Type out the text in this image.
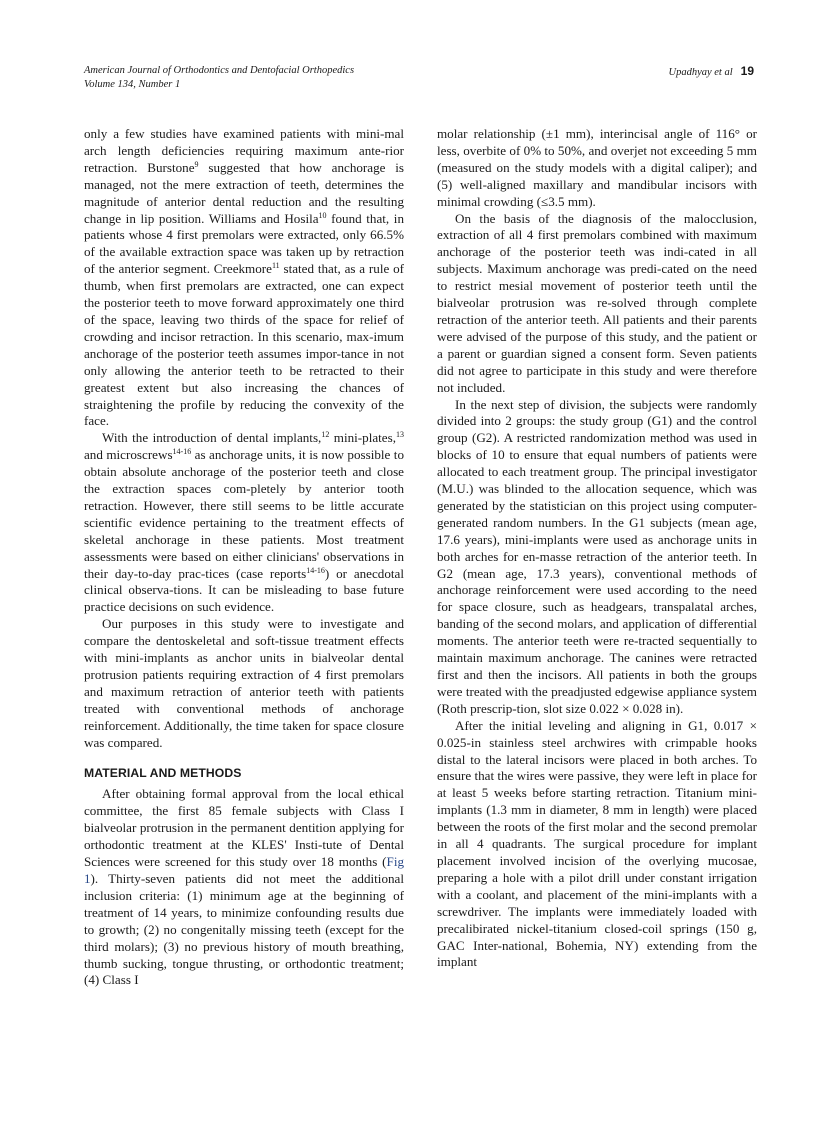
American Journal of Orthodontics and Dentofacial Orthopedics
Volume 134, Number 1
Upadhyay et al 19

only a few studies have examined patients with mini-mal arch length deficiencies requiring maximum ante-rior retraction. Burstone$^9$ suggested that how anchorage is managed, not the mere extraction of teeth, determines the magnitude of anterior dental reduction and the resulting change in lip position. Williams and Hosila$^{10}$ found that, in patients whose 4 first premolars were extracted, only 66.5% of the available extraction space was taken up by retraction of the anterior segment. Creekmore$^{11}$ stated that, as a rule of thumb, when first premolars are extracted, one can expect the posterior teeth to move forward approximately one third of the space, leaving two thirds of the space for relief of crowding and incisor retraction. In this scenario, max-imum anchorage of the posterior teeth assumes impor-tance in not only allowing the anterior teeth to be retracted to their greatest extent but also increasing the chances of straightening the profile by reducing the convexity of the face.

With the introduction of dental implants,$^{12}$ mini-plates,$^{13}$ and microscrews$^{14-16}$ as anchorage units, it is now possible to obtain absolute anchorage of the posterior teeth and close the extraction spaces com-pletely by anterior tooth retraction. However, there still seems to be little accurate scientific evidence pertaining to the treatment effects of skeletal anchorage in these patients. Most treatment assessments were based on either clinicians' observations in their day-to-day prac-tices (case reports$^{14-16}$) or anecdotal clinical observa-tions. It can be misleading to base future practice decisions on such evidence.

Our purposes in this study were to investigate and compare the dentoskeletal and soft-tissue treatment effects with mini-implants as anchor units in bialveolar dental protrusion patients requiring extraction of 4 first premolars and maximum retraction of anterior teeth with patients treated with conventional methods of anchorage reinforcement. Additionally, the time taken for space closure was compared.

MATERIAL AND METHODS

After obtaining formal approval from the local ethical committee, the first 85 female subjects with Class I bialveolar protrusion in the permanent dentition applying for orthodontic treatment at the KLES' Insti-tute of Dental Sciences were screened for this study over 18 months (Fig 1). Thirty-seven patients did not meet the additional inclusion criteria: (1) minimum age at the beginning of treatment of 14 years, to minimize confounding results due to growth; (2) no congenitally missing teeth (except for the third molars); (3) no previous history of mouth breathing, thumb sucking, tongue thrusting, or orthodontic treatment; (4) Class I

molar relationship (±1 mm), interincisal angle of 116° or less, overbite of 0% to 50%, and overjet not exceeding 5 mm (measured on the study models with a digital caliper); and (5) well-aligned maxillary and mandibular incisors with minimal crowding (≤3.5 mm).

On the basis of the diagnosis of the malocclusion, extraction of all 4 first premolars combined with maximum anchorage of the posterior teeth was indi-cated in all subjects. Maximum anchorage was predi-cated on the need to restrict mesial movement of posterior teeth until the bialveolar protrusion was re-solved through complete retraction of the anterior teeth. All patients and their parents were advised of the purpose of this study, and the patient or a parent or guardian signed a consent form. Seven patients did not agree to participate in this study and were therefore not included.

In the next step of division, the subjects were randomly divided into 2 groups: the study group (G1) and the control group (G2). A restricted randomization method was used in blocks of 10 to ensure that equal numbers of patients were allocated to each treatment group. The principal investigator (M.U.) was blinded to the allocation sequence, which was generated by the statistician on this project using computer-generated random numbers. In the G1 subjects (mean age, 17.6 years), mini-implants were used as anchorage units in both arches for en-masse retraction of the anterior teeth. In G2 (mean age, 17.3 years), conventional methods of anchorage reinforcement were used according to the need for space closure, such as headgears, transpalatal arches, banding of the second molars, and application of differential moments. The anterior teeth were re-tracted sequentially to maintain maximum anchorage. The canines were retracted first and then the incisors. All patients in both the groups were treated with the preadjusted edgewise appliance system (Roth prescrip-tion, slot size 0.022 × 0.028 in).

After the initial leveling and aligning in G1, 0.017 × 0.025-in stainless steel archwires with crimpable hooks distal to the lateral incisors were placed in both arches. To ensure that the wires were passive, they were left in place for at least 5 weeks before starting retraction. Titanium mini-implants (1.3 mm in diameter, 8 mm in length) were placed between the roots of the first molar and the second premolar in all 4 quadrants. The surgical procedure for implant placement involved incision of the overlying mucosae, preparing a hole with a pilot drill under constant irrigation with a coolant, and placement of the mini-implants with a screwdriver. The implants were immediately loaded with precalibirated nickel-titanium closed-coil springs (150 g, GAC Inter-national, Bohemia, NY) extending from the implant
